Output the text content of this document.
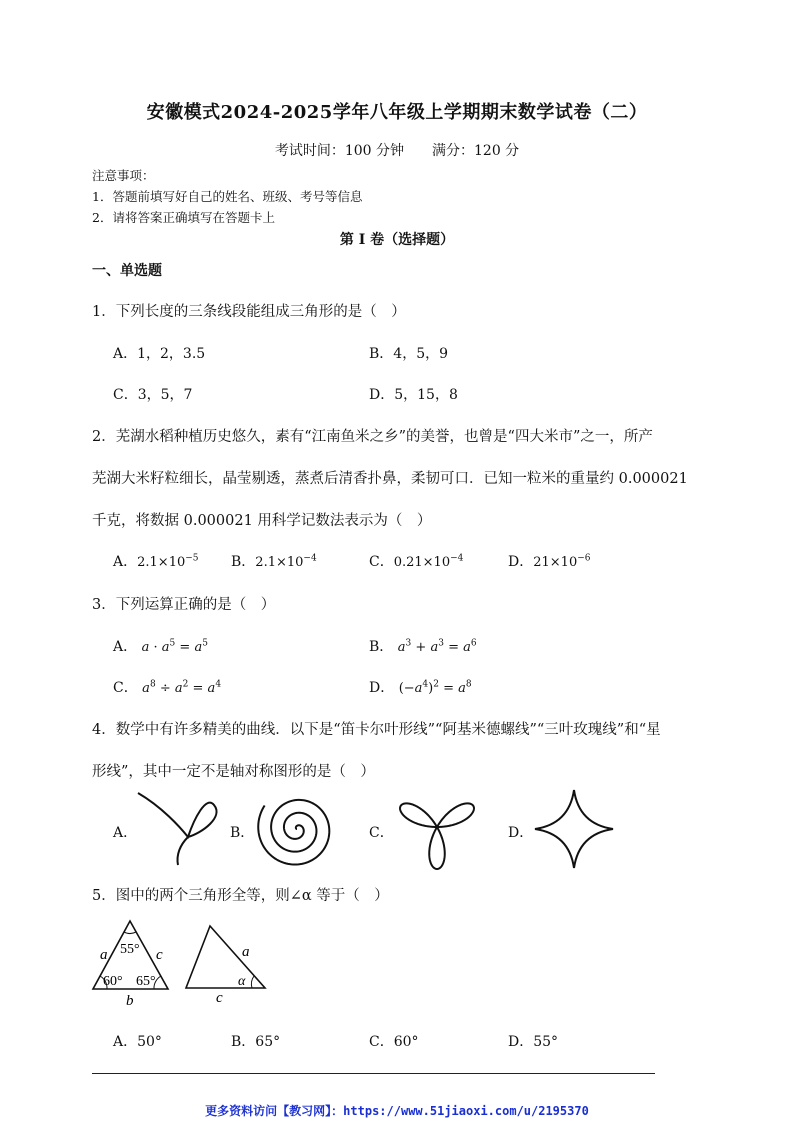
安徽模式2024-2025学年八年级上学期期末数学试卷（二）
考试时间：100 分钟　　满分：120 分
注意事项：
1．答题前填写好自己的姓名、班级、考号等信息
2．请将答案正确填写在答题卡上
第 I 卷（选择题）
一、单选题
1．下列长度的三条线段能组成三角形的是（　）
A．1，2，3.5	B．4，5，9
C．3，5，7	D．5，15，8
2．芜湖水稻种植历史悠久，素有“江南鱼米之乡”的美誉，也曾是“四大米市”之一，所产
芜湖大米籽粒细长，晶莹剔透，蒸煮后清香扑鼻，柔韧可口．已知一粒米的重量约 0.000021
千克，将数据 0.000021 用科学记数法表示为（　）
A．$2.1\times 10^{-5}$ B．$2.1\times 10^{-4}$	C．$0.21\times 10^{-4}$	D．$21\times 10^{-6}$
3．下列运算正确的是（　）
A． $a \cdot a^5 = a^5$	B． $a^3 + a^3 = a^6$
C． $a^8 \div a^2 = a^4$	D． $(-a^4)^2 = a^8$
4．数学中有许多精美的曲线．以下是“笛卡尔叶形线”“阿基米德螺线”“三叶玫瑰线”和“星
形线”，其中一定不是轴对称图形的是（　）
A．	B．	C．	D．
5．图中的两个三角形全等，则∠α 等于（　）
a	c
b
55°
60° 65°
a
c
α
A．50°	B．65°	C．60°	D．55°
更多资料访问【教习网】：https://www.51jiaoxi.com/u/2195370
